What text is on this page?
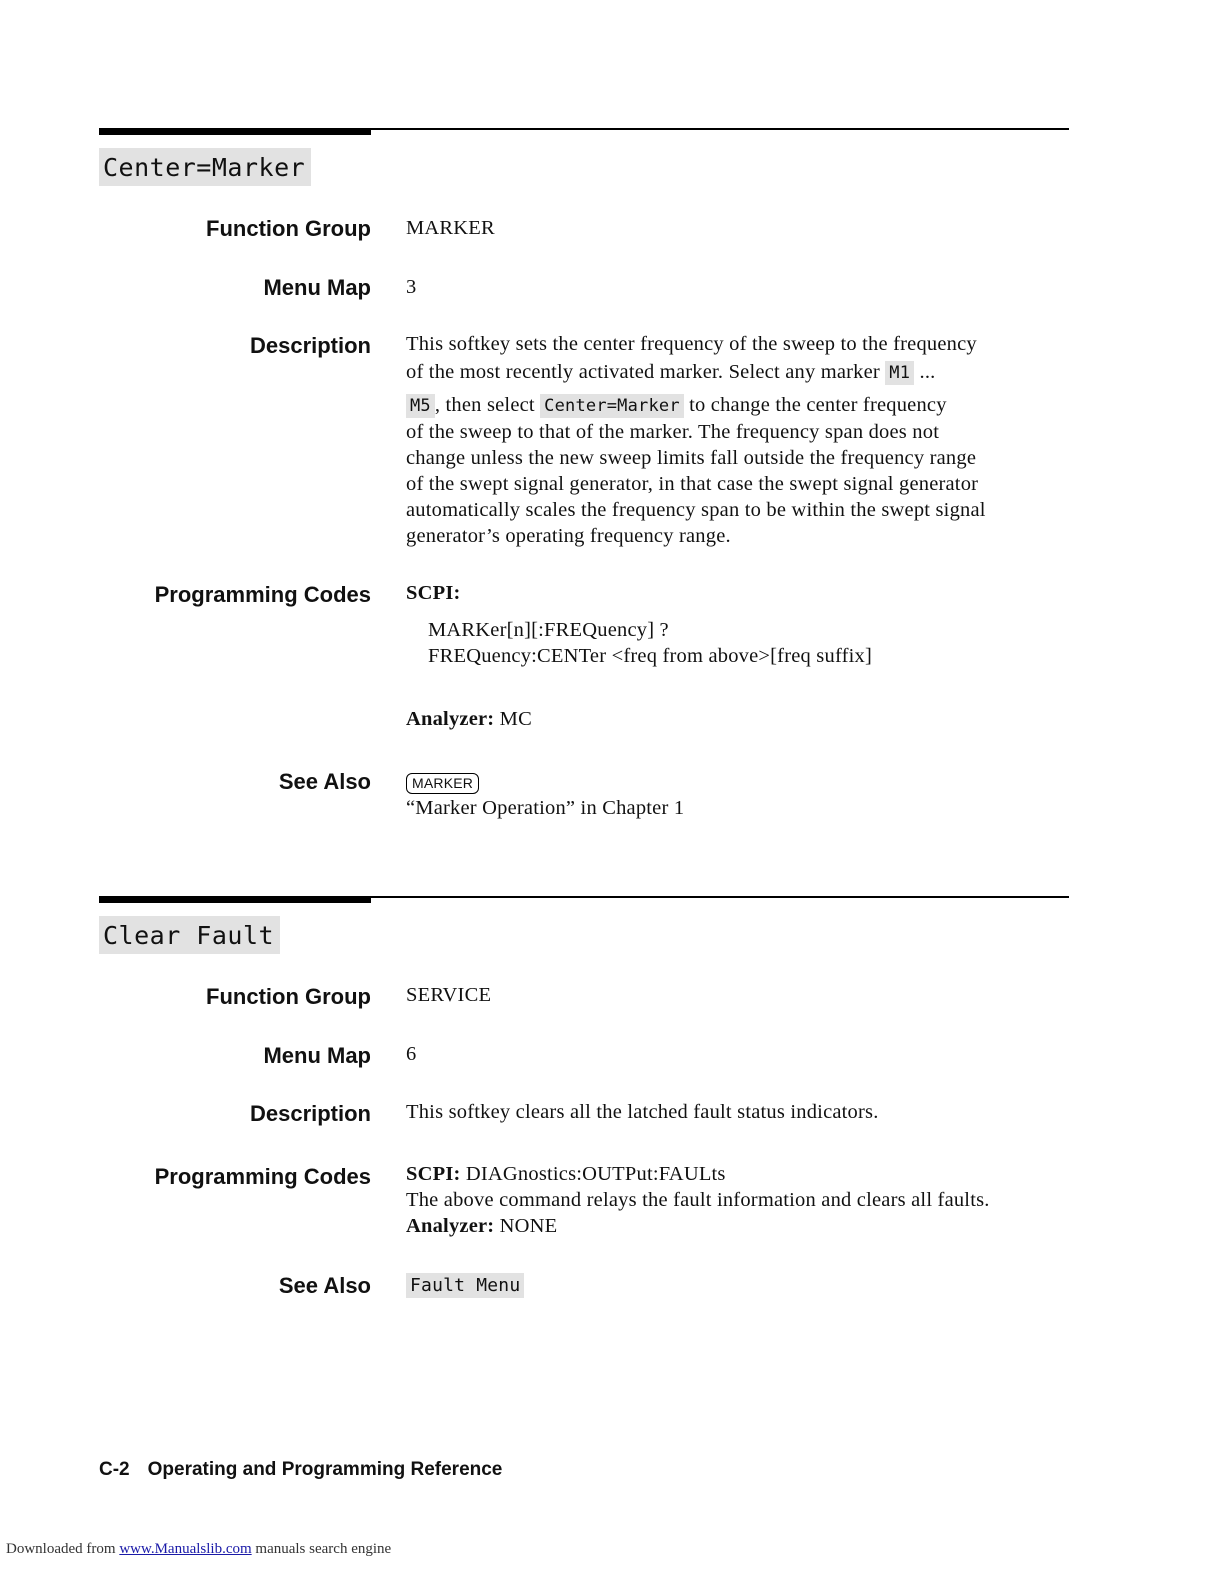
Center=Marker
Function Group MARKER
Menu Map 3
Description This softkey sets the center frequency of the sweep to the frequency
of the most recently activated marker. Select any marker M1 ...
M5 , then select Center=Marker to change the center frequency
of the sweep to that of the marker. The frequency span does not
change unless the new sweep limits fall outside the frequency range
of the swept signal generator, in that case the swept signal generator
automatically scales the frequency span to be within the swept signal
generator’s operating frequency range.
Programming Codes SCPI:
MARKer[n][:FREQuency] ?
FREQuency:CENTer <freq from above>[freq suffix]
Analyzer: MC
See Also	MARKER
“Marker Operation” in Chapter 1
Clear Fault
Function Group SERVICE
Menu Map 6
Description This softkey clears all the latched fault status indicators.
Programming Codes SCPI: DIAGnostics:OUTPut:FAULts
The above command relays the fault information and clears all faults.
Analyzer: NONE
See Also Fault Menu
C-2 Operating and Programming Reference
Downloaded from www.Manualslib.com manuals search engine
